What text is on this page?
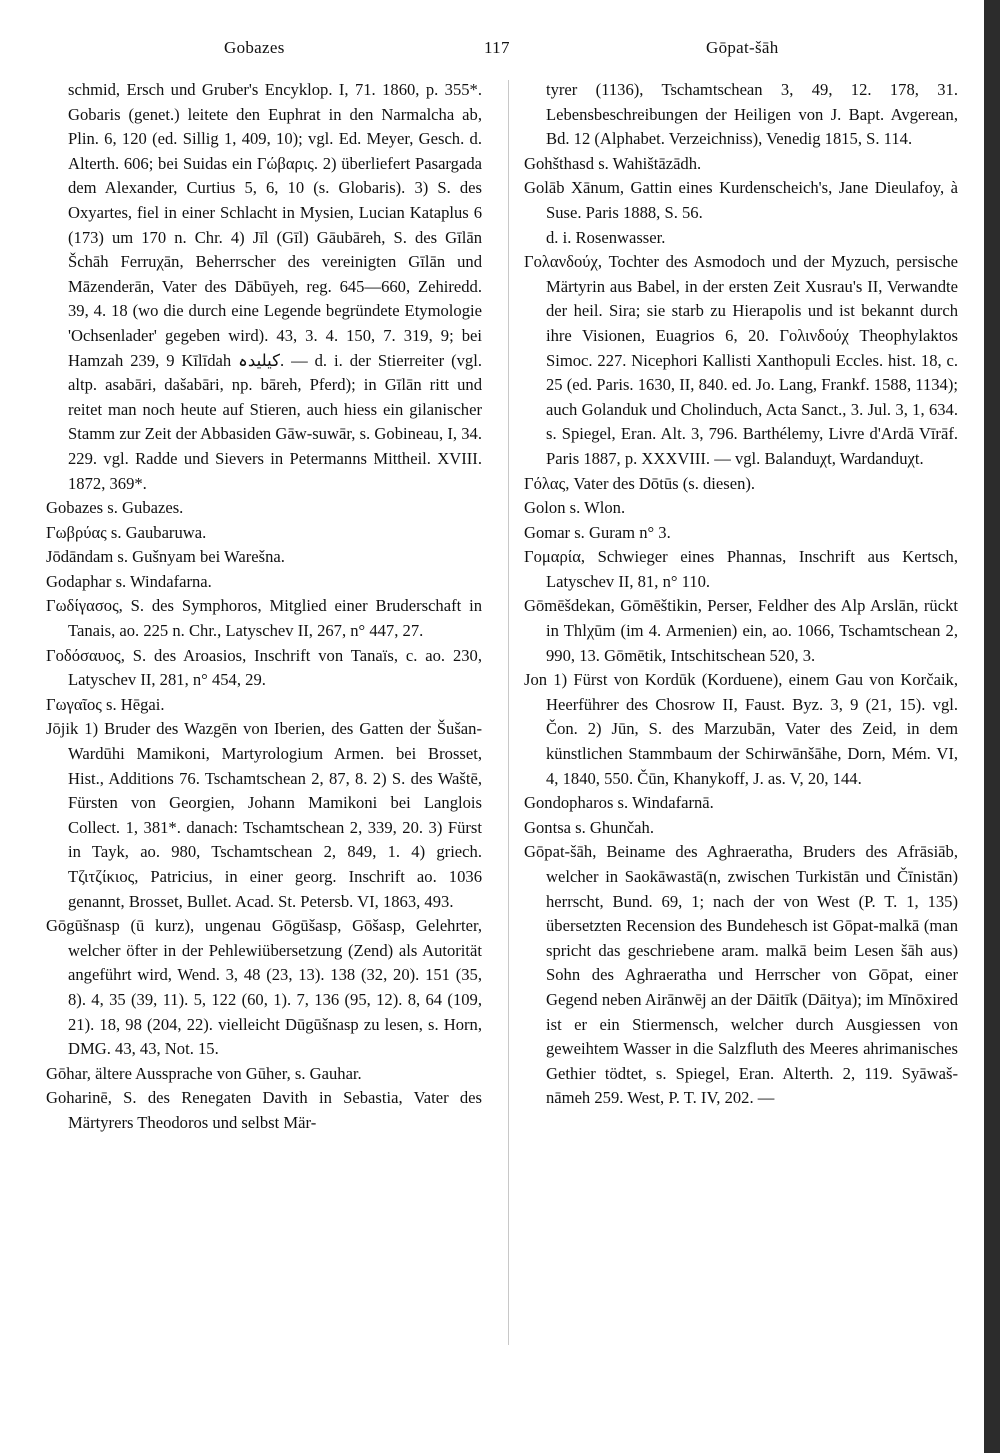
Gobazes	117	Gōpat-šāh

schmid, Ersch und Gruber's Encyklop. I, 71. 1860, p. 355*. Gobaris (genet.) leitete den Euphrat in den Narmalcha ab, Plin. 6, 120 (ed. Sillig 1, 409, 10); vgl. Ed. Meyer, Gesch. d. Alterth. 606; bei Suidas ein Γώβαρις. 2) überliefert Pasargada dem Alexander, Curtius 5, 6, 10 (s. Globaris). 3) S. des Oxyartes, fiel in einer Schlacht in Mysien, Lucian Kataplus 6 (173) um 170 n. Chr. 4) Jīl (Gīl) Gāubāreh, S. des Gīlān Šchāh Ferruχān, Beherrscher des vereinigten Gīlān und Māzenderān, Vater des Dābūyeh, reg. 645—660, Zehiredd. 39, 4. 18 (wo die durch eine Legende begründete Etymologie 'Ochsenlader' gegeben wird). 43, 3. 4. 150, 7. 319, 9; bei Hamzah 239, 9 Kīlīdah کیلیدہ. — d. i. der Stierreiter (vgl. altp. asabāri, dašabāri, np. bāreh, Pferd); in Gīlān ritt und reitet man noch heute auf Stieren, auch hiess ein gilanischer Stamm zur Zeit der Abbasiden Gāw-suwār, s. Gobineau, I, 34. 229. vgl. Radde und Sievers in Petermanns Mittheil. XVIII. 1872, 369*.

Gobazes s. Gubazes.

Γωβρύας s. Gaubaruwa.

Jōdāndam s. Gušnyam bei Warešna.

Godaphar s. Windafarna.

Γωδίγασος, S. des Symphoros, Mitglied einer Bruderschaft in Tanais, ao. 225 n. Chr., Latyschev II, 267, n° 447, 27.

Γοδόσαυος, S. des Aroasios, Inschrift von Tanaïs, c. ao. 230, Latyschev II, 281, n° 454, 29.

Γωγαῖος s. Hēgai.

Jōjik 1) Bruder des Wazgēn von Iberien, des Gatten der Šušan-Wardūhi Mamikoni, Martyrologium Armen. bei Brosset, Hist., Additions 76. Tschamtschean 2, 87, 8. 2) S. des Waštē, Fürsten von Georgien, Johann Mamikoni bei Langlois Collect. 1, 381*. danach: Tschamtschean 2, 339, 20. 3) Fürst in Tayk, ao. 980, Tschamtschean 2, 849, 1. 4) griech. Τζιτζίκιος, Patricius, in einer georg. Inschrift ao. 1036 genannt, Brosset, Bullet. Acad. St. Petersb. VI, 1863, 493.

Gōgūšnasp (ū kurz), ungenau Gōgūšasp, Gōšasp, Gelehrter, welcher öfter in der Pehlewiübersetzung (Zend) als Autorität angeführt wird, Wend. 3, 48 (23, 13). 138 (32, 20). 151 (35, 8). 4, 35 (39, 11). 5, 122 (60, 1). 7, 136 (95, 12). 8, 64 (109, 21). 18, 98 (204, 22). vielleicht Dūgūšnasp zu lesen, s. Horn, DMG. 43, 43, Not. 15.

Gōhar, ältere Aussprache von Gūher, s. Gauhar.

Goharinē, S. des Renegaten Davith in Sebastia, Vater des Märtyrers Theodoros und selbst Mär-

tyrer (1136), Tschamtschean 3, 49, 12. 178, 31. Lebensbeschreibungen der Heiligen von J. Bapt. Avgerean, Bd. 12 (Alphabet. Verzeichniss), Venedig 1815, S. 114.

Gohšthasd s. Wahištāzādh.

Golāb Xānum, Gattin eines Kurdenscheich's, Jane Dieulafoy, à Suse. Paris 1888, S. 56.

d. i. Rosenwasser.

Γολανδούχ, Tochter des Asmodoch und der Myzuch, persische Märtyrin aus Babel, in der ersten Zeit Xusrau's II, Verwandte der heil. Sira; sie starb zu Hierapolis und ist bekannt durch ihre Visionen, Euagrios 6, 20. Γολινδούχ Theophylaktos Simoc. 227. Nicephori Kallisti Xanthopuli Eccles. hist. 18, c. 25 (ed. Paris. 1630, II, 840. ed. Jo. Lang, Frankf. 1588, 1134); auch Golanduk und Cholinduch, Acta Sanct., 3. Jul. 3, 1, 634. s. Spiegel, Eran. Alt. 3, 796. Barthélemy, Livre d'Ardā Vīrāf. Paris 1887, p. XXXVIII. — vgl. Balanduχt, Wardanduχt.

Γόλας, Vater des Dōtūs (s. diesen).

Golon s. Wlon.

Gomar s. Guram n° 3.

Γομαρία, Schwieger eines Phannas, Inschrift aus Kertsch, Latyschev II, 81, n° 110.

Gōmēšdekan, Gōmēštikin, Perser, Feldher des Alp Arslān, rückt in Thlχūm (im 4. Armenien) ein, ao. 1066, Tschamtschean 2, 990, 13. Gōmētik, Intschitschean 520, 3.

Jon 1) Fürst von Kordūk (Korduene), einem Gau von Korčaik, Heerführer des Chosrow II, Faust. Byz. 3, 9 (21, 15). vgl. Čon. 2) Jūn, S. des Marzubān, Vater des Zeid, in dem künstlichen Stammbaum der Schirwānšāhe, Dorn, Mém. VI, 4, 1840, 550. Čūn, Khanykoff, J. as. V, 20, 144.

Gondopharos s. Windafarnā.

Gontsa s. Ghunčah.

Gōpat-šāh, Beiname des Aghraeratha, Bruders des Afrāsiāb, welcher in Saokāwastā(n, zwischen Turkistān und Čīnistān) herrscht, Bund. 69, 1; nach der von West (P. T. 1, 135) übersetzten Recension des Bundehesch ist Gōpat-malkā (man spricht das geschriebene aram. malkā beim Lesen šāh aus) Sohn des Aghraeratha und Herrscher von Gōpat, einer Gegend neben Airānwēj an der Dāitīk (Dāitya); im Mīnōxired ist er ein Stiermensch, welcher durch Ausgiessen von geweihtem Wasser in die Salzfluth des Meeres ahrimanisches Gethier tödtet, s. Spiegel, Eran. Alterth. 2, 119. Syāwaš-nāmeh 259. West, P. T. IV, 202. —
